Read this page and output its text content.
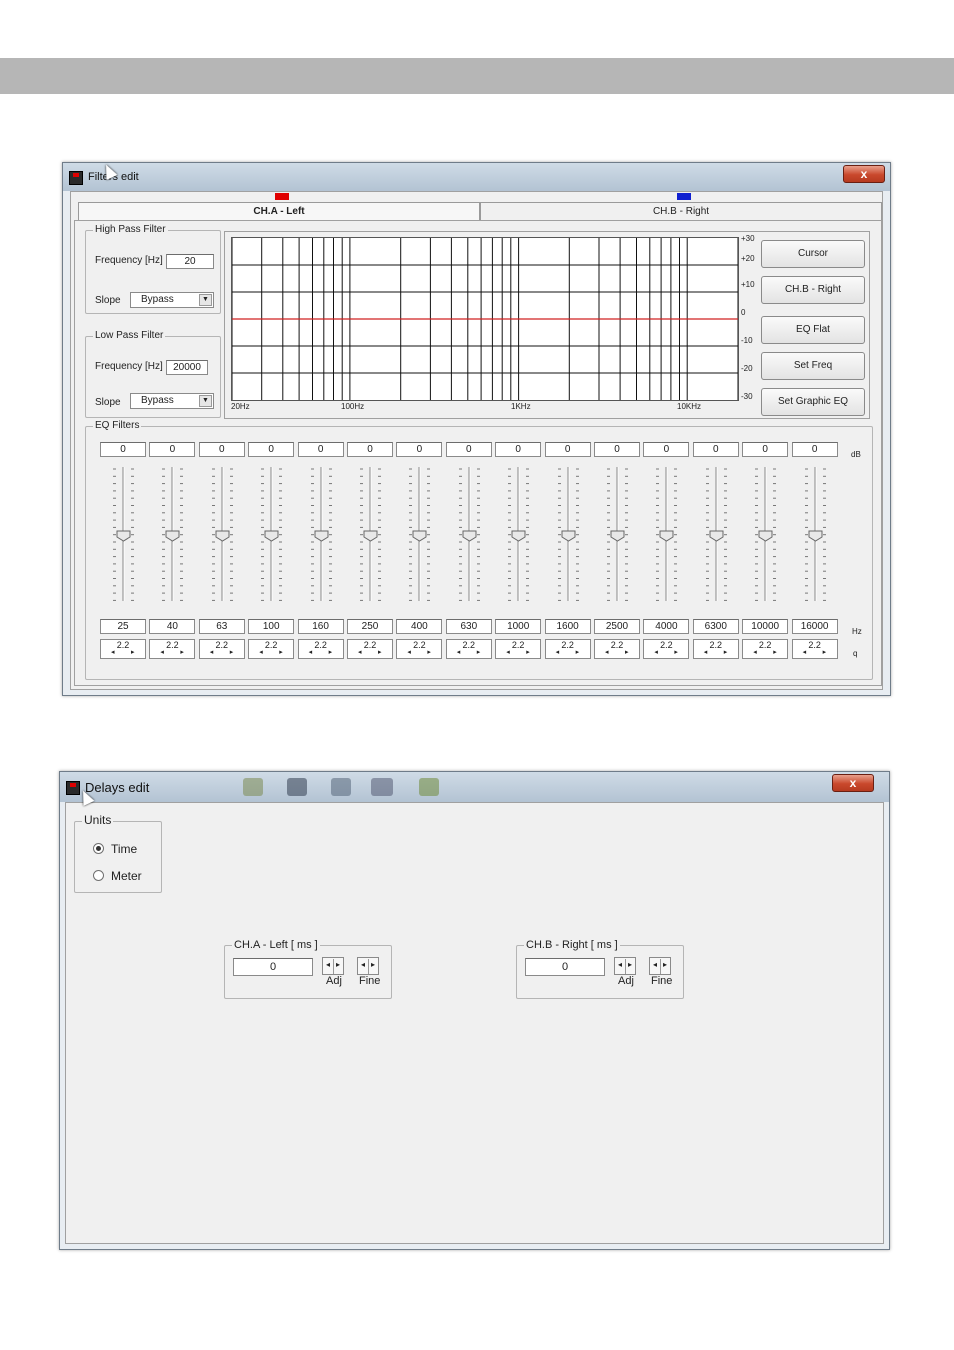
Filters edit	x
CH.A - Left	CH.B - Right
High Pass Filter
Frequency [Hz]	20
Slope	Bypass	▼
Low Pass Filter
Frequency [Hz]	20000
Slope	Bypass	▼
20Hz	100Hz	1KHz	10KHz
+30
+20
+10
0
-10
-20
-30
Cursor
CH.B - Right
EQ Flat
Set Freq
Set Graphic EQ
EQ Filters
0
25
2.2
◂ ▸
0
40
2.2
◂ ▸
0
63
2.2
◂ ▸
0
100
2.2
◂ ▸
0
160
2.2
◂ ▸
0
250
2.2
◂ ▸
0
400
2.2
◂ ▸
0
630
2.2
◂ ▸
0
1000
2.2
◂ ▸
0
1600
2.2
◂ ▸
0
2500
2.2
◂ ▸
0
4000
2.2
◂ ▸
0
6300
2.2
◂ ▸
0
10000
2.2
◂ ▸
0
16000
2.2
◂ ▸
dB
Hz
q
Delays edit	x
Units
Time
Meter
CH.A - Left [ ms ]
0	◂ ▸
Adj
◂ ▸
Fine
CH.B - Right [ ms ]
0	◂ ▸
Adj
◂ ▸
Fine
